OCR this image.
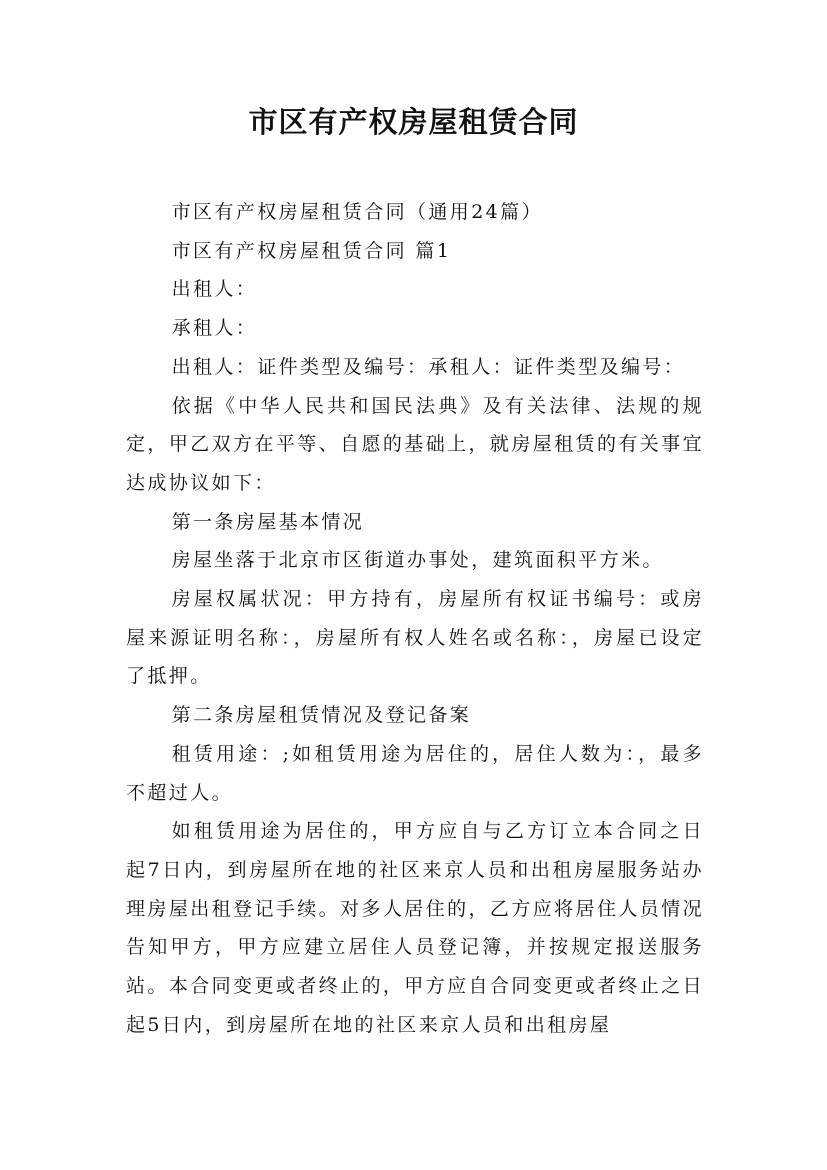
市区有产权房屋租赁合同

市区有产权房屋租赁合同（通用24篇）

市区有产权房屋租赁合同 篇1

出租人：

承租人：

出租人：证件类型及编号：承租人：证件类型及编号：

依据《中华人民共和国民法典》及有关法律、法规的规定，甲乙双方在平等、自愿的基础上，就房屋租赁的有关事宜达成协议如下：

第一条房屋基本情况

房屋坐落于北京市区街道办事处，建筑面积平方米。

房屋权属状况：甲方持有，房屋所有权证书编号：或房屋来源证明名称：，房屋所有权人姓名或名称：，房屋已设定了抵押。

第二条房屋租赁情况及登记备案

租赁用途：;如租赁用途为居住的，居住人数为：，最多不超过人。

如租赁用途为居住的，甲方应自与乙方订立本合同之日起7日内，到房屋所在地的社区来京人员和出租房屋服务站办理房屋出租登记手续。对多人居住的，乙方应将居住人员情况告知甲方，甲方应建立居住人员登记簿，并按规定报送服务站。本合同变更或者终止的，甲方应自合同变更或者终止之日起5日内，到房屋所在地的社区来京人员和出租房屋
